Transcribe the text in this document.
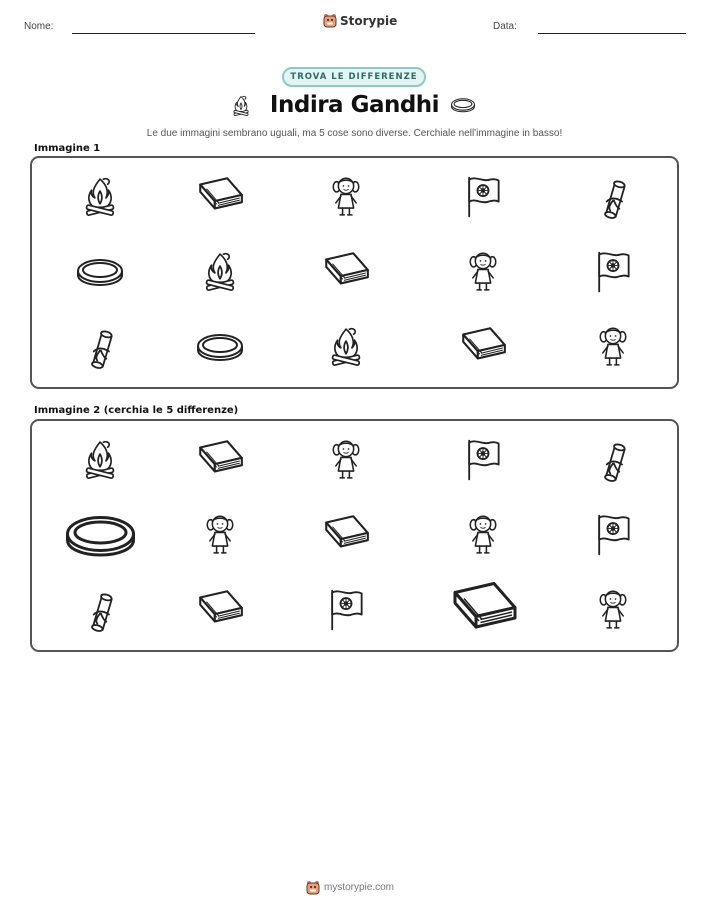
Nome:	Storypie	Data:
TROVA LE DIFFERENZE
Indira Gandhi
Le due immagini sembrano uguali, ma 5 cose sono diverse. Cerchiale nell'immagine in basso!
Immagine 1
Immagine 2 (cerchia le 5 differenze)
mystorypie.com
